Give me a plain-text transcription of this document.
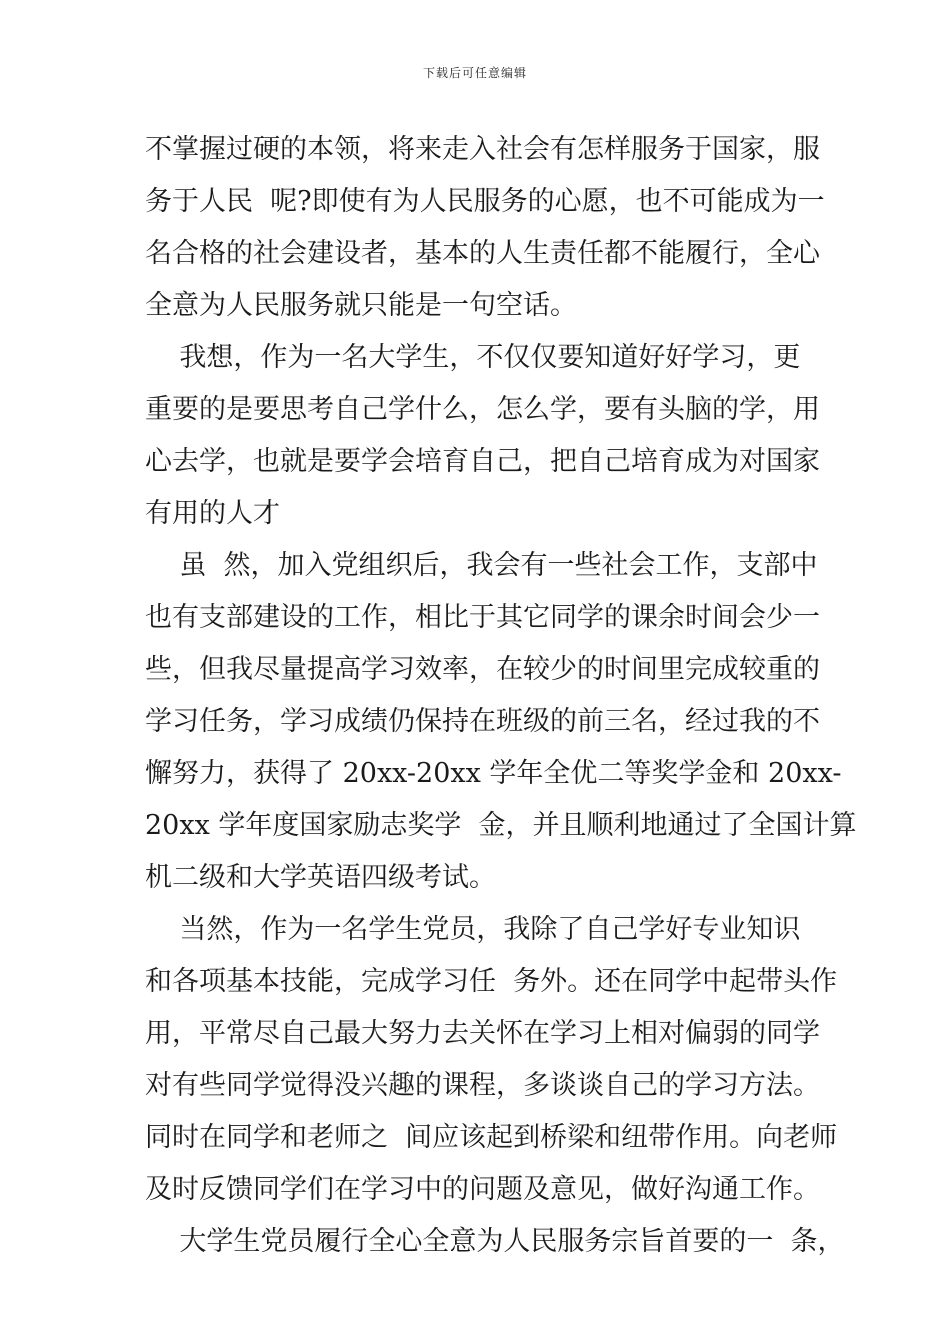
下载后可任意编辑
不掌握过硬的本领，将来走入社会有怎样服务于国家，服
务于人民  呢?即使有为人民服务的心愿，也不可能成为一
名合格的社会建设者，基本的人生责任都不能履行，全心
全意为人民服务就只能是一句空话。
我想，作为一名大学生，不仅仅要知道好好学习，更
重要的是要思考自己学什么，怎么学，要有头脑的学，用
心去学，也就是要学会培育自己，把自己培育成为对国家
有用的人才
虽  然，加入党组织后，我会有一些社会工作，支部中
也有支部建设的工作，相比于其它同学的课余时间会少一
些，但我尽量提高学习效率，在较少的时间里完成较重的
学习任务，学习成绩仍保持在班级的前三名，经过我的不
懈努力，获得了 20xx-20xx 学年全优二等奖学金和 20xx-
20xx 学年度国家励志奖学  金，并且顺利地通过了全国计算
机二级和大学英语四级考试。
当然，作为一名学生党员，我除了自己学好专业知识
和各项基本技能，完成学习任  务外。还在同学中起带头作
用，平常尽自己最大努力去关怀在学习上相对偏弱的同学
对有些同学觉得没兴趣的课程，多谈谈自己的学习方法。
同时在同学和老师之  间应该起到桥梁和纽带作用。向老师
及时反馈同学们在学习中的问题及意见，做好沟通工作。
大学生党员履行全心全意为人民服务宗旨首要的一  条，
